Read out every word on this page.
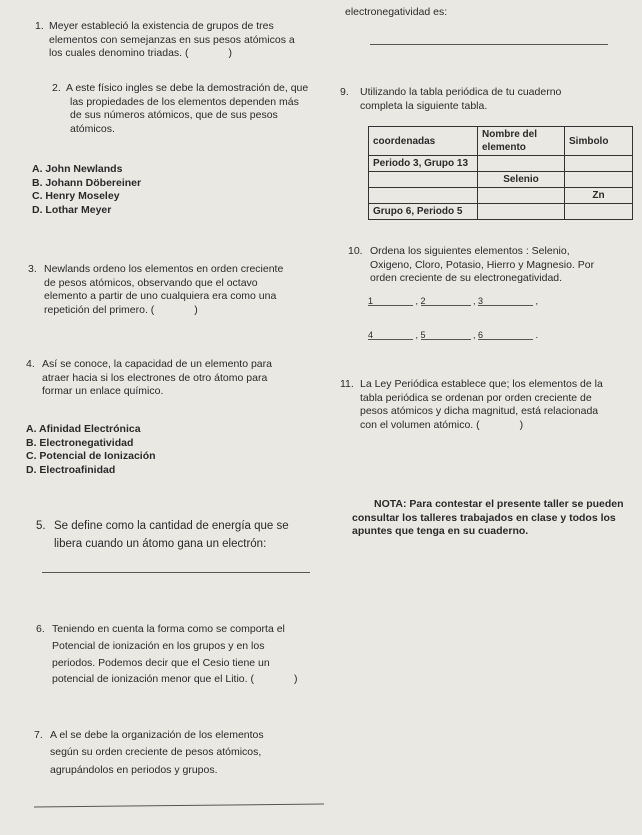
electronegatividad es:

1. Meyer estableció la existencia de grupos de tres

elementos con semejanzas en sus pesos atómicos a

los cuales denomino triadas. (	)

2. A este físico ingles se debe la demostración de, que

las propiedades de los elementos dependen más

de sus números atómicos, que de sus pesos

atómicos.

A. John Newlands

B. Johann Döbereiner

C. Henry Moseley

D. Lothar Meyer

9. Utilizando la tabla periódica de tu cuaderno

completa la siguiente tabla.

coordenadas	Nombre del elemento	Simbolo
Periodo 3, Grupo 13		
	Selenio	
		Zn
Grupo 6, Periodo 5		

10. Ordena los siguientes elementos : Selenio,

Oxigeno, Cloro, Potasio, Hierro y Magnesio. Por

orden creciente de su electronegatividad.

1	, 2	, 3	,
4	, 5	, 6	.

3. Newlands ordeno los elementos en orden creciente

de pesos atómicos, observando que el octavo

elemento a partir de uno cualquiera era como una

repetición del primero. (	)

4. Así se conoce, la capacidad de un elemento para

atraer hacia si los electrones de otro átomo para

formar un enlace químico.

A. Afinidad Electrónica

B. Electronegatividad

C. Potencial de Ionización

D. Electroafinidad

11. La Ley Periódica establece que; los elementos de la

tabla periódica se ordenan por orden creciente de

pesos atómicos y dicha magnitud, está relacionada

con el volumen atómico. (	)

NOTA: Para contestar el presente taller se pueden

consultar los talleres trabajados en clase y todos los

apuntes que tenga en su cuaderno.

5. Se define como la cantidad de energía que se

libera cuando un átomo gana un electrón:

6. Teniendo en cuenta la forma como se comporta el

Potencial de ionización en los grupos y en los

periodos. Podemos decir que el Cesio tiene un

potencial de ionización menor que el Litio. (	)

7. A el se debe la organización de los elementos

según su orden creciente de pesos atómicos,

agrupándolos en periodos y grupos.
